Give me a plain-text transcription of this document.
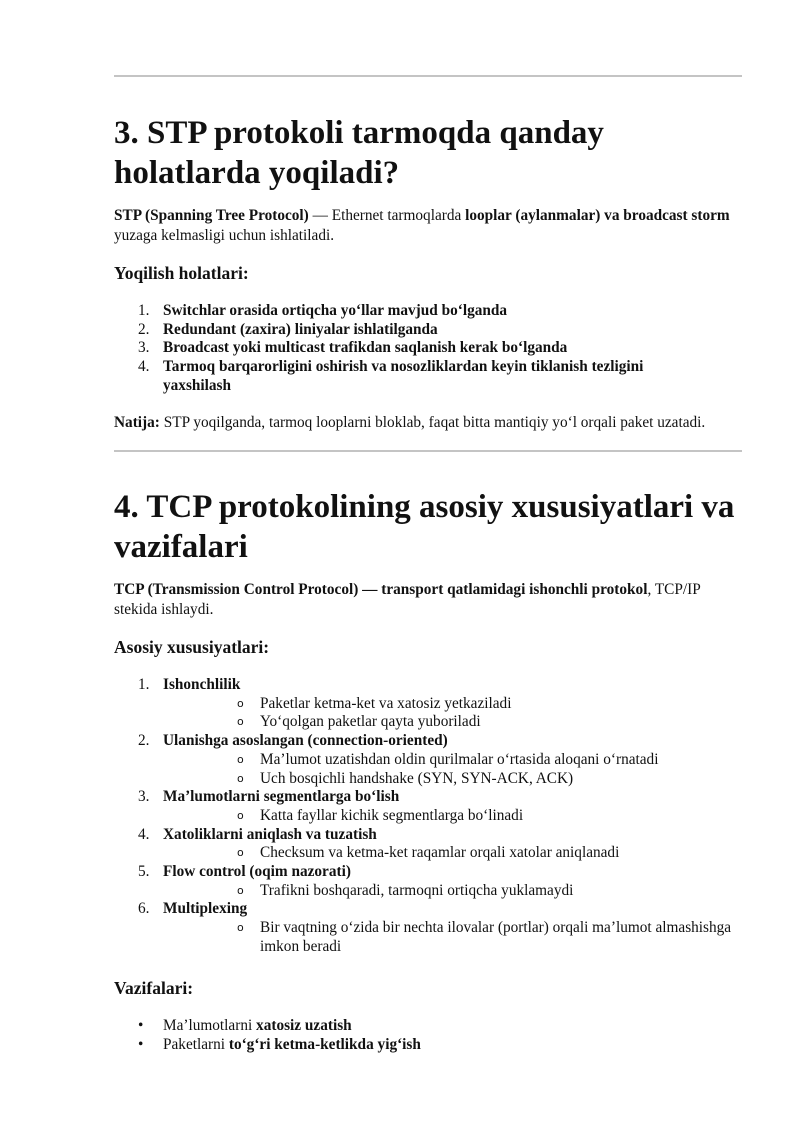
3. STP protokoli tarmoqda qanday holatlarda yoqiladi?

STP (Spanning Tree Protocol) — Ethernet tarmoqlarda looplar (aylanmalar) va broadcast storm yuzaga kelmasligi uchun ishlatiladi.

Yoqilish holatlari:
1. Switchlar orasida ortiqcha yo‘llar mavjud bo‘lganda
2. Redundant (zaxira) liniyalar ishlatilganda
3. Broadcast yoki multicast trafikdan saqlanish kerak bo‘lganda
4. Tarmoq barqarorligini oshirish va nosozliklardan keyin tiklanish tezligini yaxshilash

Natija: STP yoqilganda, tarmoq looplarni bloklab, faqat bitta mantiqiy yo‘l orqali paket uzatadi.

4. TCP protokolining asosiy xususiyatlari va vazifalari

TCP (Transmission Control Protocol) — transport qatlamidagi ishonchli protokol, TCP/IP stekida ishlaydi.

Asosiy xususiyatlari:
1. Ishonchlilik
o Paketlar ketma-ket va xatosiz yetkaziladi
o Yo‘qolgan paketlar qayta yuboriladi
2. Ulanishga asoslangan (connection-oriented)
o Ma’lumot uzatishdan oldin qurilmalar o‘rtasida aloqani o‘rnatadi
o Uch bosqichli handshake (SYN, SYN-ACK, ACK)
3. Ma’lumotlarni segmentlarga bo‘lish
o Katta fayllar kichik segmentlarga bo‘linadi
4. Xatoliklarni aniqlash va tuzatish
o Checksum va ketma-ket raqamlar orqali xatolar aniqlanadi
5. Flow control (oqim nazorati)
o Trafikni boshqaradi, tarmoqni ortiqcha yuklamaydi
6. Multiplexing
o Bir vaqtning o‘zida bir nechta ilovalar (portlar) orqali ma’lumot almashishga imkon beradi
Vazifalari:
• Ma’lumotlarni xatosiz uzatish
• Paketlarni to‘g‘ri ketma-ketlikda yig‘ish
